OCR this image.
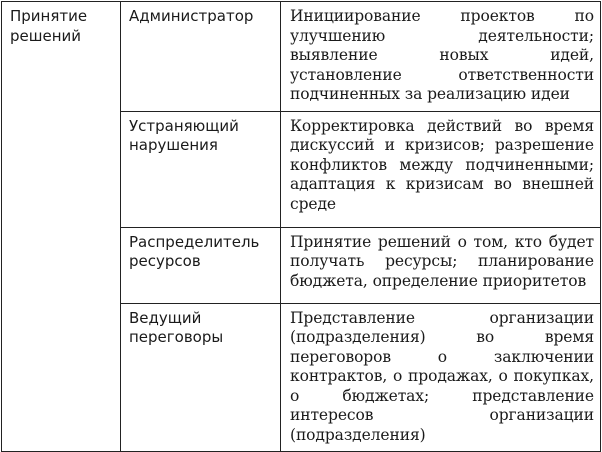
Принятие решений	Администратор	Инициирование проектов по улучшению деятельности; выявление новых идей, установление ответственности подчиненных за реализацию идеи
	Устраняющий нарушения	Корректировка действий во время дискуссий и кризисов; разрешение конфликтов между подчиненными; адаптация к кризисам во внешней среде
	Распределитель ресурсов	Принятие решений о том, кто будет получать ресурсы; планирование бюджета, определение приоритетов
	Ведущий переговоры	Представление организации (подразделения) во время переговоров о заключении контрактов, о продажах, о покупках, о бюджетах; представление интересов организации (подразделения)
